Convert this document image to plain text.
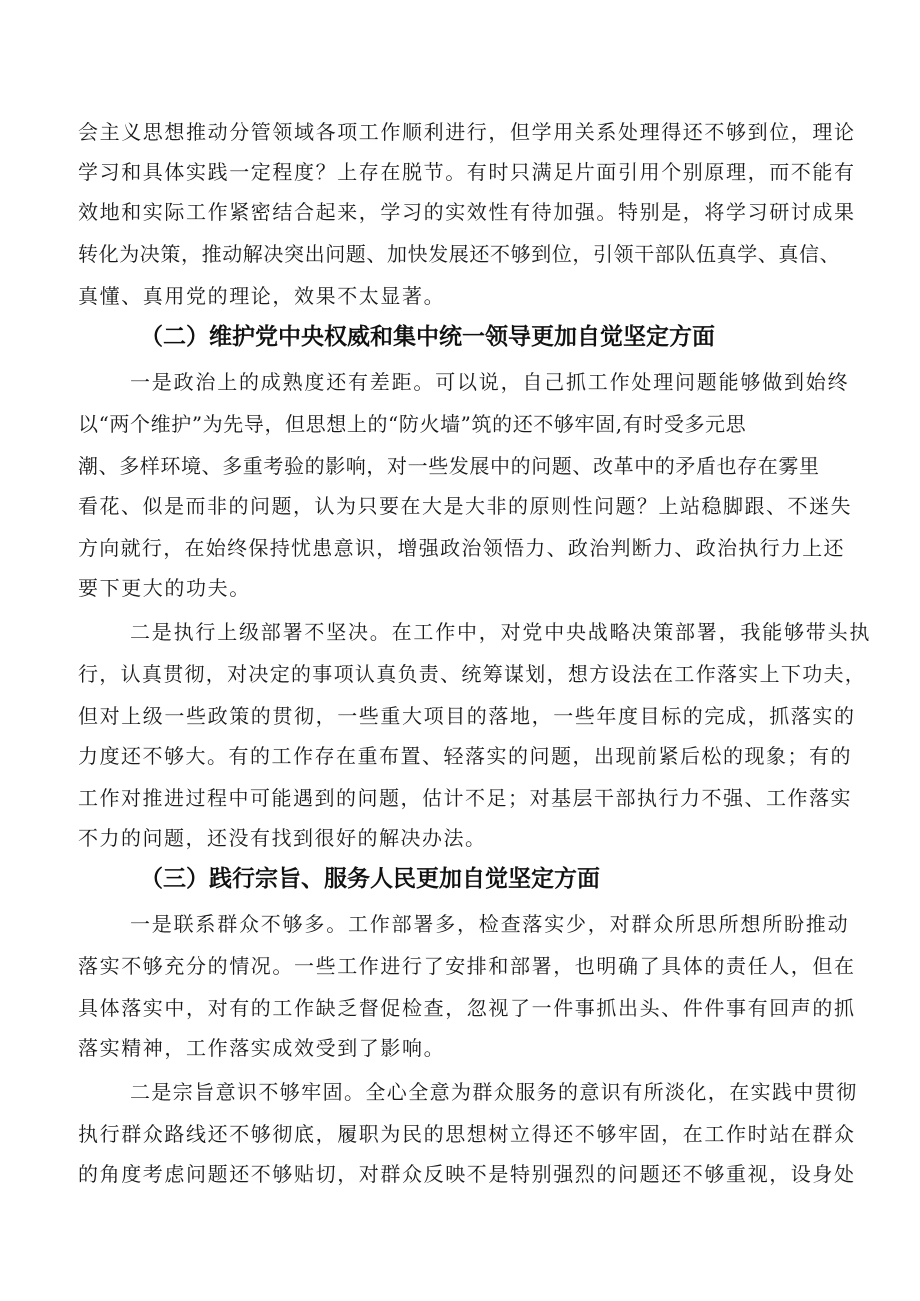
会主义思想推动分管领域各项工作顺利进行，但学用关系处理得还不够到位，理论
学习和具体实践一定程度？上存在脱节。有时只满足片面引用个别原理，而不能有
效地和实际工作紧密结合起来，学习的实效性有待加强。特别是，将学习研讨成果
转化为决策，推动解决突出问题、加快发展还不够到位，引领干部队伍真学、真信、
真懂、真用党的理论，效果不太显著。
（二）维护党中央权威和集中统一领导更加自觉坚定方面
一是政治上的成熟度还有差距。可以说，自己抓工作处理问题能够做到始终
以“两个维护”为先导，但思想上的“防火墙”筑的还不够牢固,有时受多元思
潮、多样环境、多重考验的影响，对一些发展中的问题、改革中的矛盾也存在雾里
看花、似是而非的问题，认为只要在大是大非的原则性问题？上站稳脚跟、不迷失
方向就行，在始终保持忧患意识，增强政治领悟力、政治判断力、政治执行力上还
要下更大的功夫。
二是执行上级部署不坚决。在工作中，对党中央战略决策部署，我能够带头执
行，认真贯彻，对决定的事项认真负责、统筹谋划，想方设法在工作落实上下功夫，
但对上级一些政策的贯彻，一些重大项目的落地，一些年度目标的完成，抓落实的
力度还不够大。有的工作存在重布置、轻落实的问题，出现前紧后松的现象；有的
工作对推进过程中可能遇到的问题，估计不足；对基层干部执行力不强、工作落实
不力的问题，还没有找到很好的解决办法。
（三）践行宗旨、服务人民更加自觉坚定方面
一是联系群众不够多。工作部署多，检查落实少，对群众所思所想所盼推动
落实不够充分的情况。一些工作进行了安排和部署，也明确了具体的责任人，但在
具体落实中，对有的工作缺乏督促检查，忽视了一件事抓出头、件件事有回声的抓
落实精神，工作落实成效受到了影响。
二是宗旨意识不够牢固。全心全意为群众服务的意识有所淡化，在实践中贯彻
执行群众路线还不够彻底，履职为民的思想树立得还不够牢固，在工作时站在群众
的角度考虑问题还不够贴切，对群众反映不是特别强烈的问题还不够重视，设身处
